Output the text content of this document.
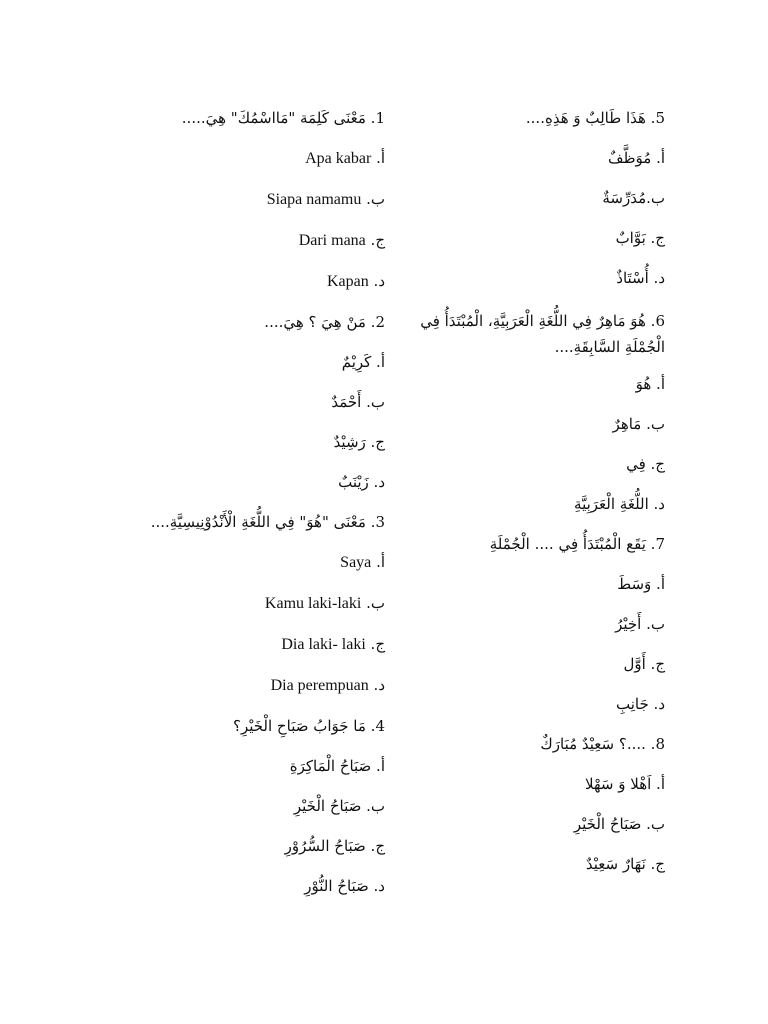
5. هَذَا طَالِبٌ وَ هَذِهِ....
أ. مُوَظَّفٌ
ب.مُدَرِّسَةٌ
ج. بَوَّابٌ
د. أُسْتَاذٌ
6. هُوَ مَاهِرٌ فِي اللُّغَةِ الْعَرَبِيَّةِ، الْمُبْتَدَأُ فِي الْجُمْلَةِ السَّابِقَةِ....
أ. هُوَ
ب. مَاهِرٌ
ج. فِي
د. اللُّغَةِ الْعَرَبِيَّةِ
7. يَقَع الْمُبْتَدَأُ فِي .... الْجُمْلَةِ
أ. وَسَطَ
ب. أَخِيْرُ
ج. أَوَّل
د. جَانِبِ
8. ....؟ سَعِيْدٌ مُبَارَكٌ
أ. اَهْلا وَ سَهْلا
ب. صَبَاحُ الْخَيْرِ
ج. نَهَارٌ سَعِيْدٌ
1. مَعْنَى كَلِمَة "مَااسْمُكَ" هِيَ.....
أ. Apa kabar
ب. Siapa namamu
ج. Dari mana
د. Kapan
2. مَنْ هِيَ ؟ هِيَ....
أ. كَرِيْمٌ
ب. أَحْمَدٌ
ج. رَشِيْدٌ
د. زَيْنَبٌ
3. مَعْنَى "هُوَ" فِي اللُّغَةِ الْأَنْدُوْنِيسِيَّةِ....
أ. Saya
ب. Kamu laki-laki
ج. Dia laki- laki
د. Dia perempuan
4. مَا جَوَابُ صَبَاحِ الْخَيْرِ؟
أ. صَبَاحُ الْمَاكِرَةِ
ب. صَبَاحُ الْخَيْرِ
ج. صَبَاحُ السُّرُوْرِ
د. صَبَاحُ النُّوْرِ
